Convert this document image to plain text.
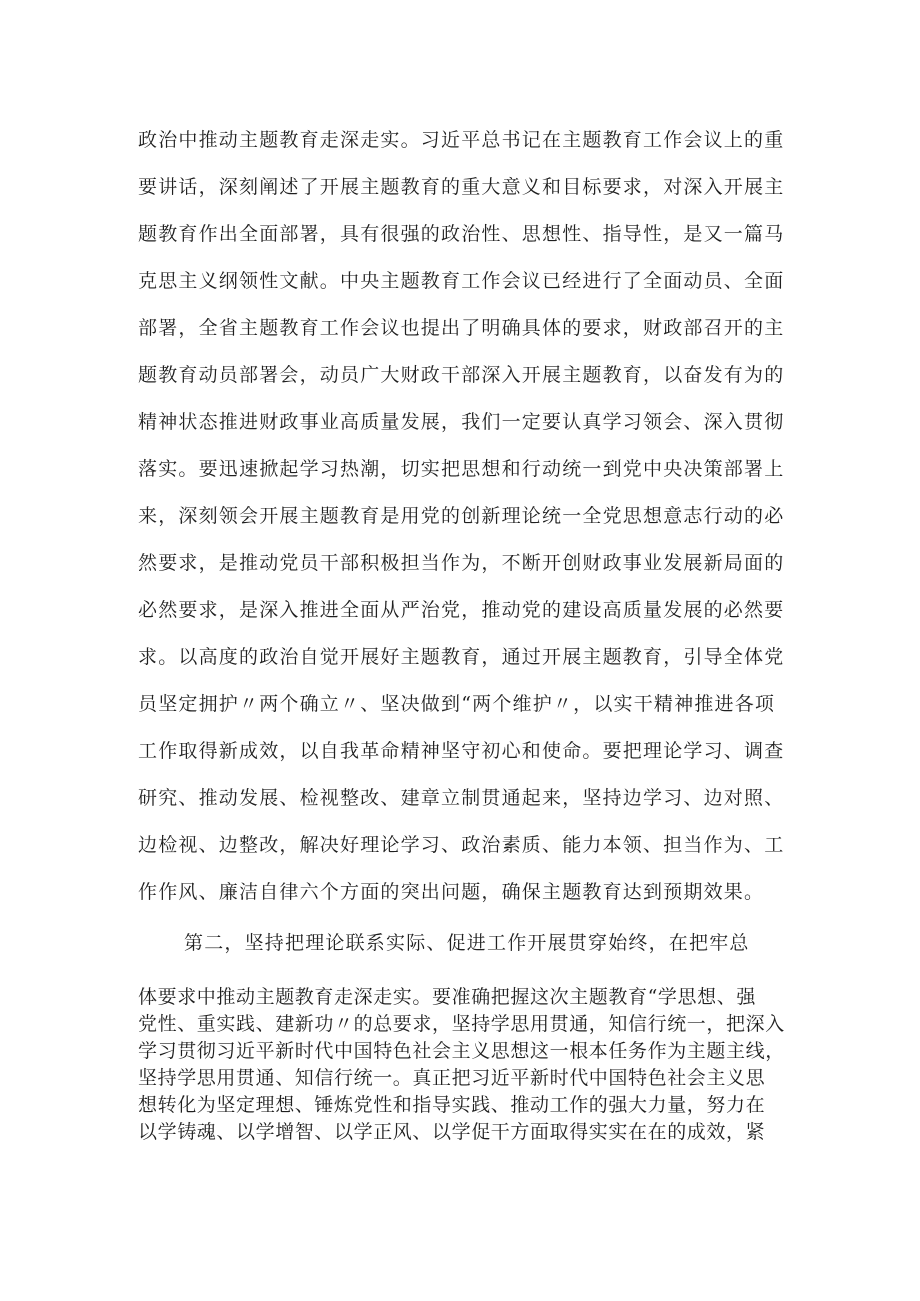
政治中推动主题教育走深走实。习近平总书记在主题教育工作会议上的重
要讲话，深刻阐述了开展主题教育的重大意义和目标要求，对深入开展主
题教育作出全面部署，具有很强的政治性、思想性、指导性，是又一篇马
克思主义纲领性文献。中央主题教育工作会议已经进行了全面动员、全面
部署，全省主题教育工作会议也提出了明确具体的要求，财政部召开的主
题教育动员部署会，动员广大财政干部深入开展主题教育，以奋发有为的
精神状态推进财政事业高质量发展，我们一定要认真学习领会、深入贯彻
落实。要迅速掀起学习热潮，切实把思想和行动统一到党中央决策部署上
来，深刻领会开展主题教育是用党的创新理论统一全党思想意志行动的必
然要求，是推动党员干部积极担当作为，不断开创财政事业发展新局面的
必然要求，是深入推进全面从严治党，推动党的建设高质量发展的必然要
求。以高度的政治自觉开展好主题教育，通过开展主题教育，引导全体党
员坚定拥护〃两个确立〃、坚决做到“两个维护〃，以实干精神推进各项
工作取得新成效，以自我革命精神坚守初心和使命。要把理论学习、调查
研究、推动发展、检视整改、建章立制贯通起来，坚持边学习、边对照、
边检视、边整改，解决好理论学习、政治素质、能力本领、担当作为、工
作作风、廉洁自律六个方面的突出问题，确保主题教育达到预期效果。
第二，坚持把理论联系实际、促进工作开展贯穿始终，在把牢总
体要求中推动主题教育走深走实。要准确把握这次主题教育“学思想、强
党性、重实践、建新功〃的总要求，坚持学思用贯通，知信行统一，把深入
学习贯彻习近平新时代中国特色社会主义思想这一根本任务作为主题主线，
坚持学思用贯通、知信行统一。真正把习近平新时代中国特色社会主义思
想转化为坚定理想、锤炼党性和指导实践、推动工作的强大力量，努力在
以学铸魂、以学增智、以学正风、以学促干方面取得实实在在的成效，紧
